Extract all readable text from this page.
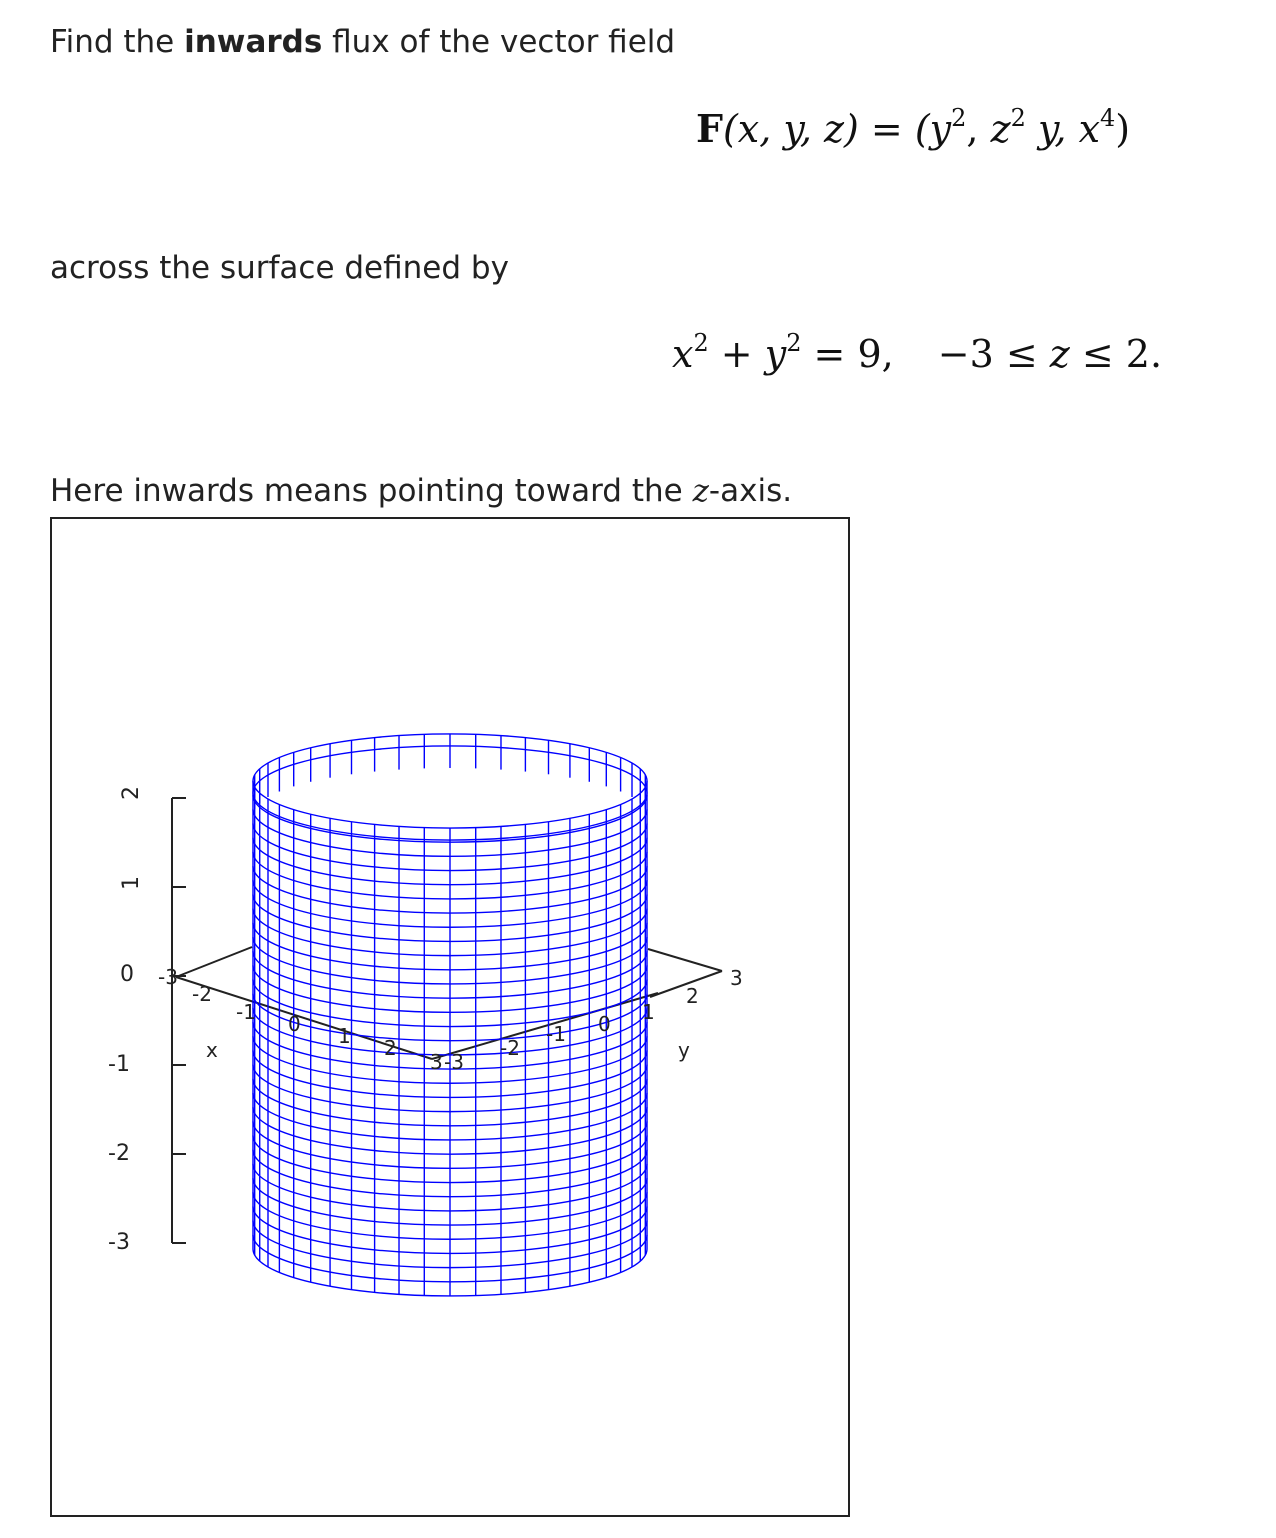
Find the inwards flux of the vector field
F(x, y, $z) = (y^2$, $z^2$ y, $x^4$)
across the surface defined by
$x^2 + y^2 = 9$, −3 ≤ z ≤ 2.
Here inwards means pointing toward the z-axis.
2
1
0
-1
-2
-3
-3
-2
-1 0 1 2
3 -3
-2
-1 0 1
2
3
x	y
